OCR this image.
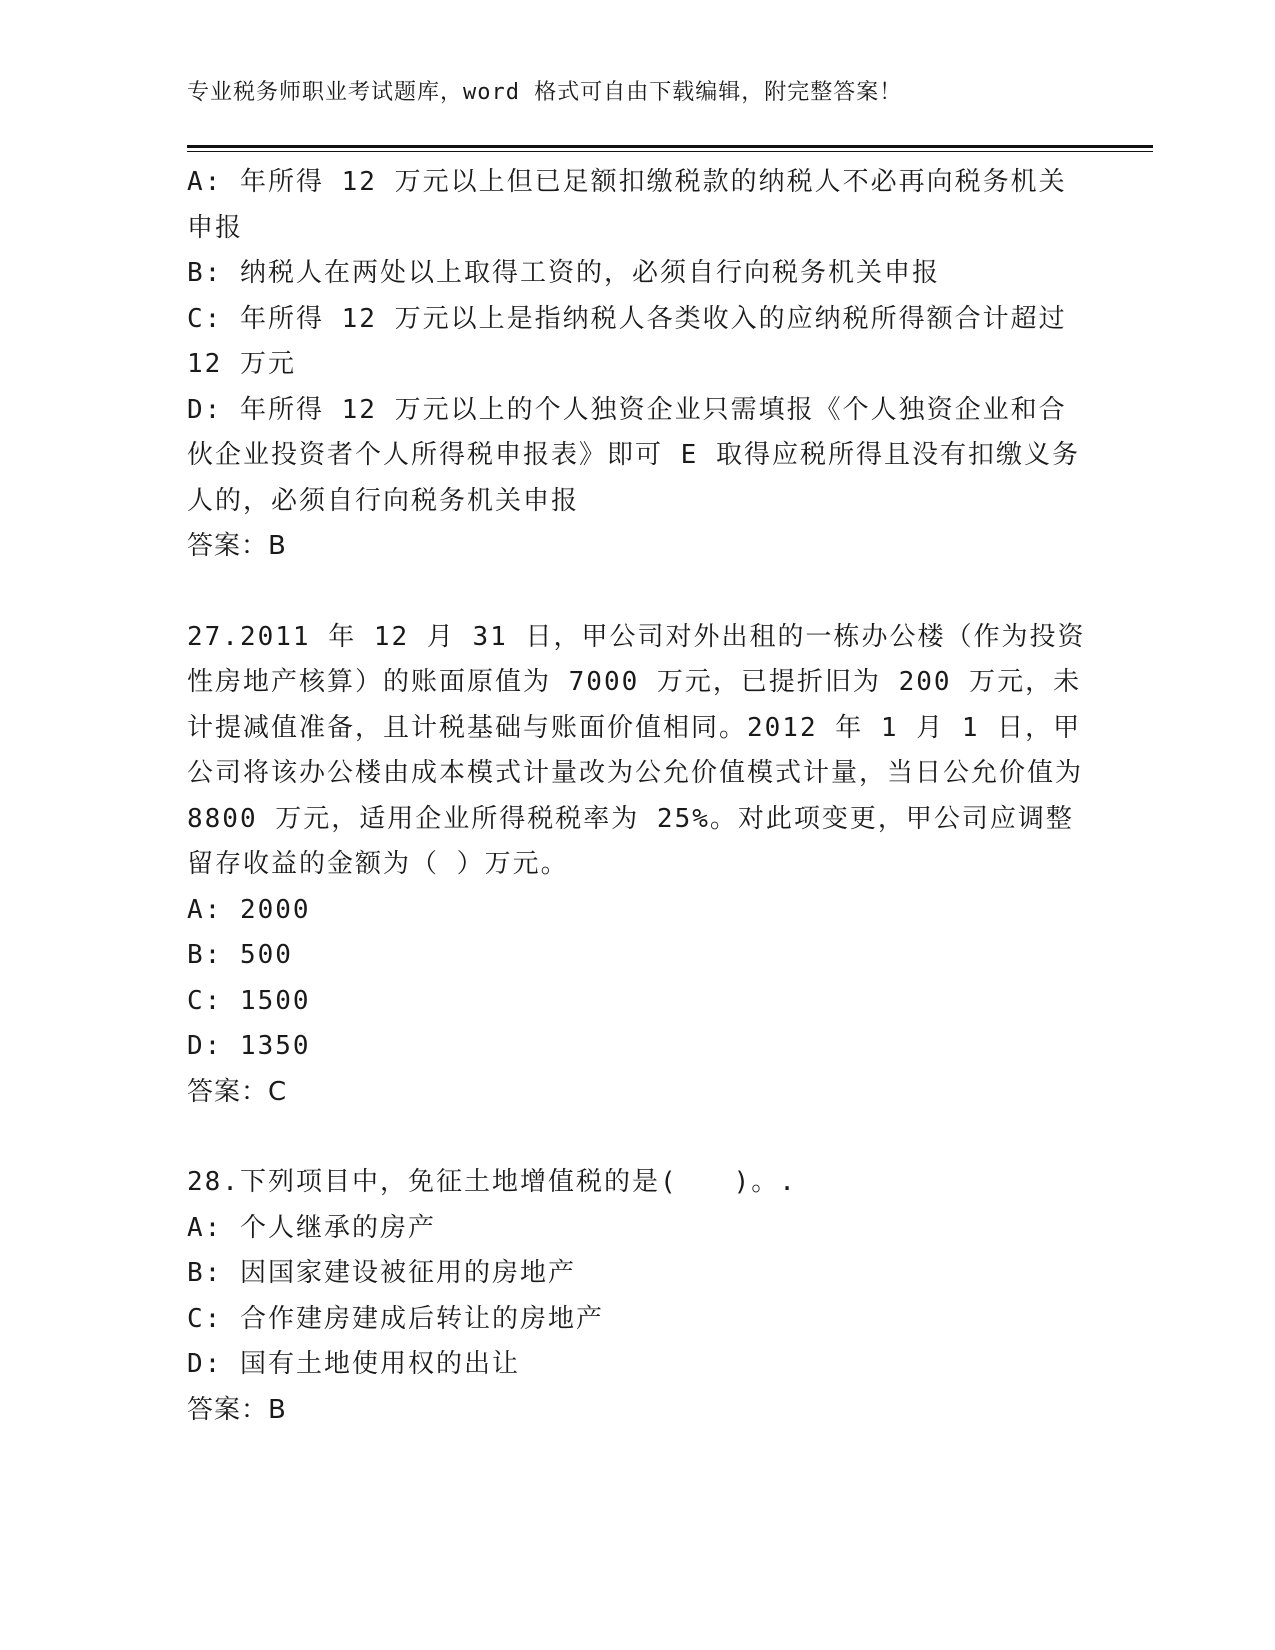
专业税务师职业考试题库，word 格式可自由下载编辑，附完整答案！

A: 年所得 12 万元以上但已足额扣缴税款的纳税人不必再向税务机关申报

B: 纳税人在两处以上取得工资的，必须自行向税务机关申报

C: 年所得 12 万元以上是指纳税人各类收入的应纳税所得额合计超过 12 万元

D: 年所得 12 万元以上的个人独资企业只需填报《个人独资企业和合伙企业投资者个人所得税申报表》即可 E 取得应税所得且没有扣缴义务人的，必须自行向税务机关申报

答案：B

27.2011 年 12 月 31 日，甲公司对外出租的一栋办公楼（作为投资性房地产核算）的账面原值为 7000 万元，已提折旧为 200 万元，未计提减值准备，且计税基础与账面价值相同。2012 年 1 月 1 日，甲公司将该办公楼由成本模式计量改为公允价值模式计量，当日公允价值为 8800 万元，适用企业所得税税率为 25%。对此项变更，甲公司应调整留存收益的金额为（ ）万元。

A: 2000

B: 500

C: 1500

D: 1350

答案：C

28.下列项目中，免征土地增值税的是(　　)。.

A: 个人继承的房产

B: 因国家建设被征用的房地产

C: 合作建房建成后转让的房地产

D: 国有土地使用权的出让

答案：B
